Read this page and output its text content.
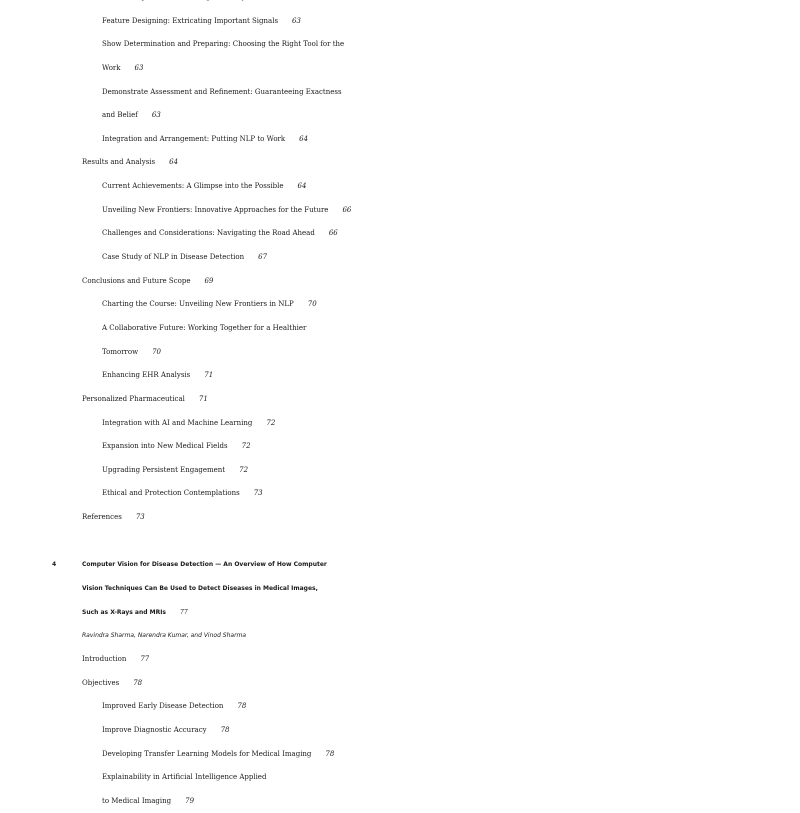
Feature Designing: Extricating Important Signals 63
Show Determination and Preparing: Choosing the Right Tool for the
Work 63
Demonstrate Assessment and Refinement: Guaranteeing Exactness
and Belief 63
Integration and Arrangement: Putting NLP to Work 64
Results and Analysis 64
Current Achievements: A Glimpse into the Possible 64
Unveiling New Frontiers: Innovative Approaches for the Future 66
Challenges and Considerations: Navigating the Road Ahead 66
Case Study of NLP in Disease Detection 67
Conclusions and Future Scope 69
Charting the Course: Unveiling New Frontiers in NLP 70
A Collaborative Future: Working Together for a Healthier
Tomorrow 70
Enhancing EHR Analysis 71
Personalized Pharmaceutical 71
Integration with AI and Machine Learning 72
Expansion into New Medical Fields 72
Upgrading Persistent Engagement 72
Ethical and Protection Contemplations 73
References 73
4	Computer Vision for Disease Detection — An Overview of How Computer
Vision Techniques Can Be Used to Detect Diseases in Medical Images,
Such as X-Rays and MRIs 77
Ravindra Sharma, Narendra Kumar, and Vinod Sharma
Introduction 77
Objectives 78
Improved Early Disease Detection 78
Improve Diagnostic Accuracy 78
Developing Transfer Learning Models for Medical Imaging 78
Explainability in Artificial Intelligence Applied
to Medical Imaging 79
